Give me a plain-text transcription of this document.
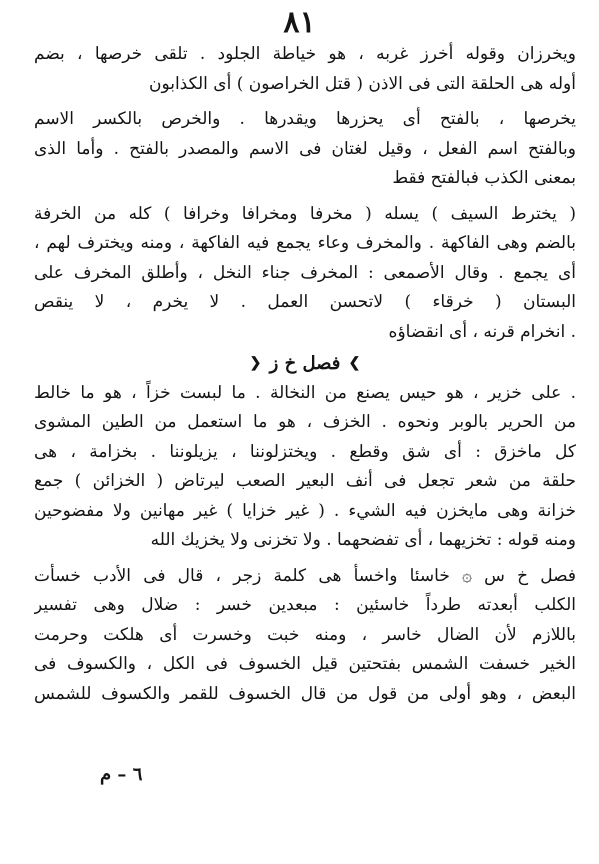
٨١
ويخرزان وقوله أخرز غربه ، هو خياطة الجلود . تلقى خرصها ، بضم
أوله هى الحلقة التى فى الاذن ( قتل الخراصون ) أى الكذابون
يخرصها ، بالفتح أى يحزرها ويقدرها . والخرص بالكسر الاسم
وبالفتح اسم الفعل ، وقيل لغتان فى الاسم والمصدر بالفتح . وأما الذى
بمعنى الكذب فبالفتح فقط
( يخترط السيف ) يسله ( مخرفا ومخرافا وخرافا ) كله من الخرفة
بالضم وهى الفاكهة . والمخرف وعاء يجمع فيه الفاكهة ، ومنه ويخترف لهم ،
أى يجمع . وقال الأصمعى : المخرف جناء النخل ، وأطلق المخرف على
البستان ( خرقاء ) لاتحسن العمل . لا يخرم ، لا ينقص
. انخرام قرنه ، أى انقضاؤه
❯ فصل خ ز ❮
. على خزير ، هو حيس يصنع من النخالة . ما لبست خزاً ، هو ما خالط
من الحرير بالوبر ونحوه . الخزف ، هو ما استعمل من الطين المشوى
كل ماخزق : أى شق وقطع . ويختزلوننا ، يزيلوننا . بخزامة ، هى
حلقة من شعر تجعل فى أنف البعير الصعب ليرتاض ( الخزائن ) جمع
خزانة وهى مايخزن فيه الشيء . ( غير خزايا ) غير مهانين ولا مفضوحين
ومنه قوله : تخزيهما ، أى تفضحهما . ولا تخزنى ولا يخزيك الله
فصل خ س ۞ خاسئا واخسأ هى كلمة زجر ، قال فى الأدب خسأت
الكلب أبعدته طرداً خاسئين : مبعدين خسر : ضلال وهى تفسير
باللازم لأن الضال خاسر ، ومنه خبت وخسرت أى هلكت وحرمت
الخير خسفت الشمس بفتحتين قيل الخسوف فى الكل ، والكسوف فى
البعض ، وهو أولى من قول من قال الخسوف للقمر والكسوف للشمس
٦ – م
